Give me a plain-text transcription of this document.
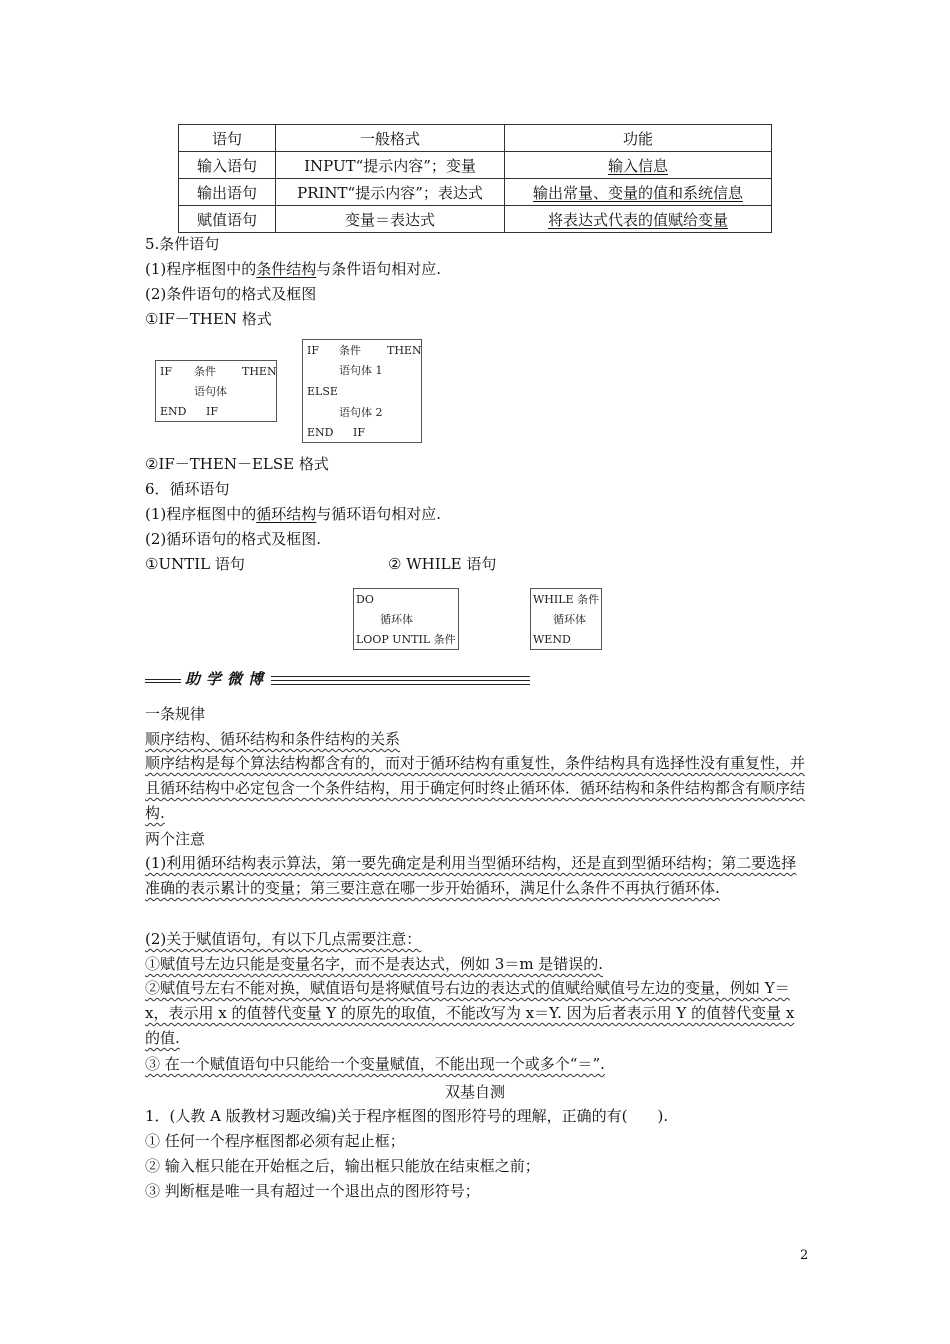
语句	一般格式	功能
输入语句	INPUT“提示内容”；变量	输入信息
输出语句	PRINT“提示内容”；表达式	输出常量、变量的值和系统信息
赋值语句	变量＝表达式	将表达式代表的值赋给变量
5.条件语句
(1)程序框图中的条件结构与条件语句相对应.
(2)条件语句的格式及框图
①IF－THEN 格式
IF 条件 THEN
语句体
END IF
IF 条件 THEN
语句体 1
ELSE
语句体 2
END IF
②IF－THEN－ELSE 格式
6．循环语句
(1)程序框图中的循环结构与循环语句相对应.
(2)循环语句的格式及框图.
①UNTIL 语句	② WHILE 语句
DO
循环体
LOOP UNTIL 条件
WHILE 条件
循环体
WEND
助学微博
一条规律
顺序结构、循环结构和条件结构的关系
顺序结构是每个算法结构都含有的，而对于循环结构有重复性，条件结构具有选择性没有重复性，并且循环结构中必定包含一个条件结构，用于确定何时终止循环体．循环结构和条件结构都含有顺序结构.
两个注意
(1)利用循环结构表示算法，第一要先确定是利用当型循环结构，还是直到型循环结构；第二要选择准确的表示累计的变量；第三要注意在哪一步开始循环，满足什么条件不再执行循环体.
(2)关于赋值语句，有以下几点需要注意：
①赋值号左边只能是变量名字，而不是表达式，例如 3＝m 是错误的.
②赋值号左右不能对换，赋值语句是将赋值号右边的表达式的值赋给赋值号左边的变量，例如 Y＝x，表示用 x 的值替代变量 Y 的原先的取值，不能改写为 x＝Y. 因为后者表示用 Y 的值替代变量 x 的值.
③ 在一个赋值语句中只能给一个变量赋值，不能出现一个或多个“＝”.
双基自测
1．(人教 A 版教材习题改编)关于程序框图的图形符号的理解，正确的有(　　).
① 任何一个程序框图都必须有起止框；
② 输入框只能在开始框之后，输出框只能放在结束框之前；
③ 判断框是唯一具有超过一个退出点的图形符号；
2
